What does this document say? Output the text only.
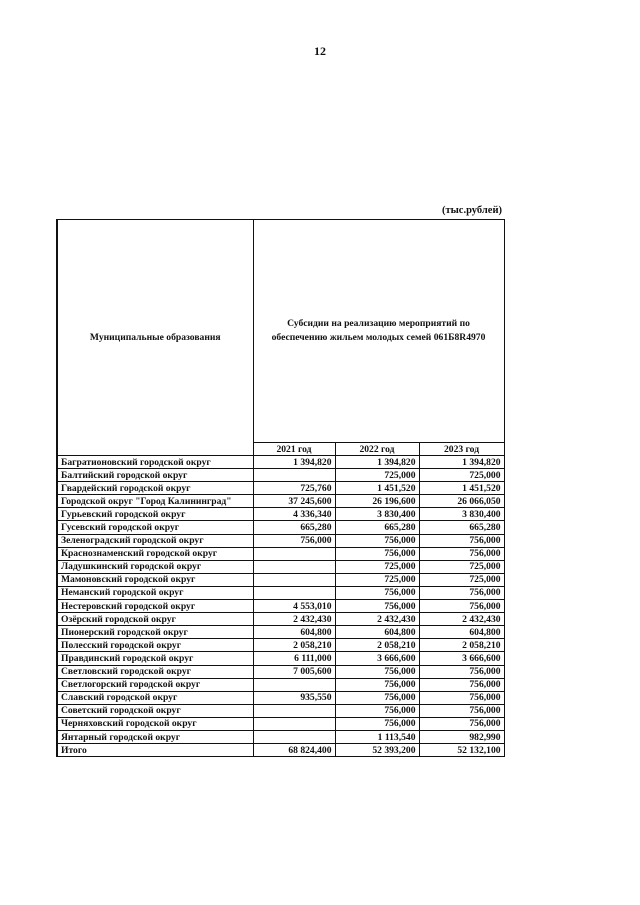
12
(тыс.рублей)
Муниципальные образования	Субсидии на реализацию мероприятий по обеспечению жильем молодых семей 061Б8R4970		
	2021 год	2022 год	2023 год
Багратионовский городской округ	1 394,820	1 394,820	1 394,820
Балтийский городской округ		725,000	725,000
Гвардейский городской округ	725,760	1 451,520	1 451,520
Городской округ "Город Калининград"	37 245,600	26 196,600	26 066,050
Гурьевский городской округ	4 336,340	3 830,400	3 830,400
Гусевский городской округ	665,280	665,280	665,280
Зеленоградский городской округ	756,000	756,000	756,000
Краснознаменский городской округ		756,000	756,000
Ладушкинский городской округ		725,000	725,000
Мамоновский городской округ		725,000	725,000
Неманский городской округ		756,000	756,000
Нестеровский городской округ	4 553,010	756,000	756,000
Озёрский городской округ	2 432,430	2 432,430	2 432,430
Пионерский городской округ	604,800	604,800	604,800
Полесский городской округ	2 058,210	2 058,210	2 058,210
Правдинский городской округ	6 111,000	3 666,600	3 666,600
Светловский городской округ	7 005,600	756,000	756,000
Светлогорский городской округ		756,000	756,000
Славский городской округ	935,550	756,000	756,000
Советский городской округ		756,000	756,000
Черняховский городской округ		756,000	756,000
Янтарный городской округ		1 113,540	982,990
Итого	68 824,400	52 393,200	52 132,100
